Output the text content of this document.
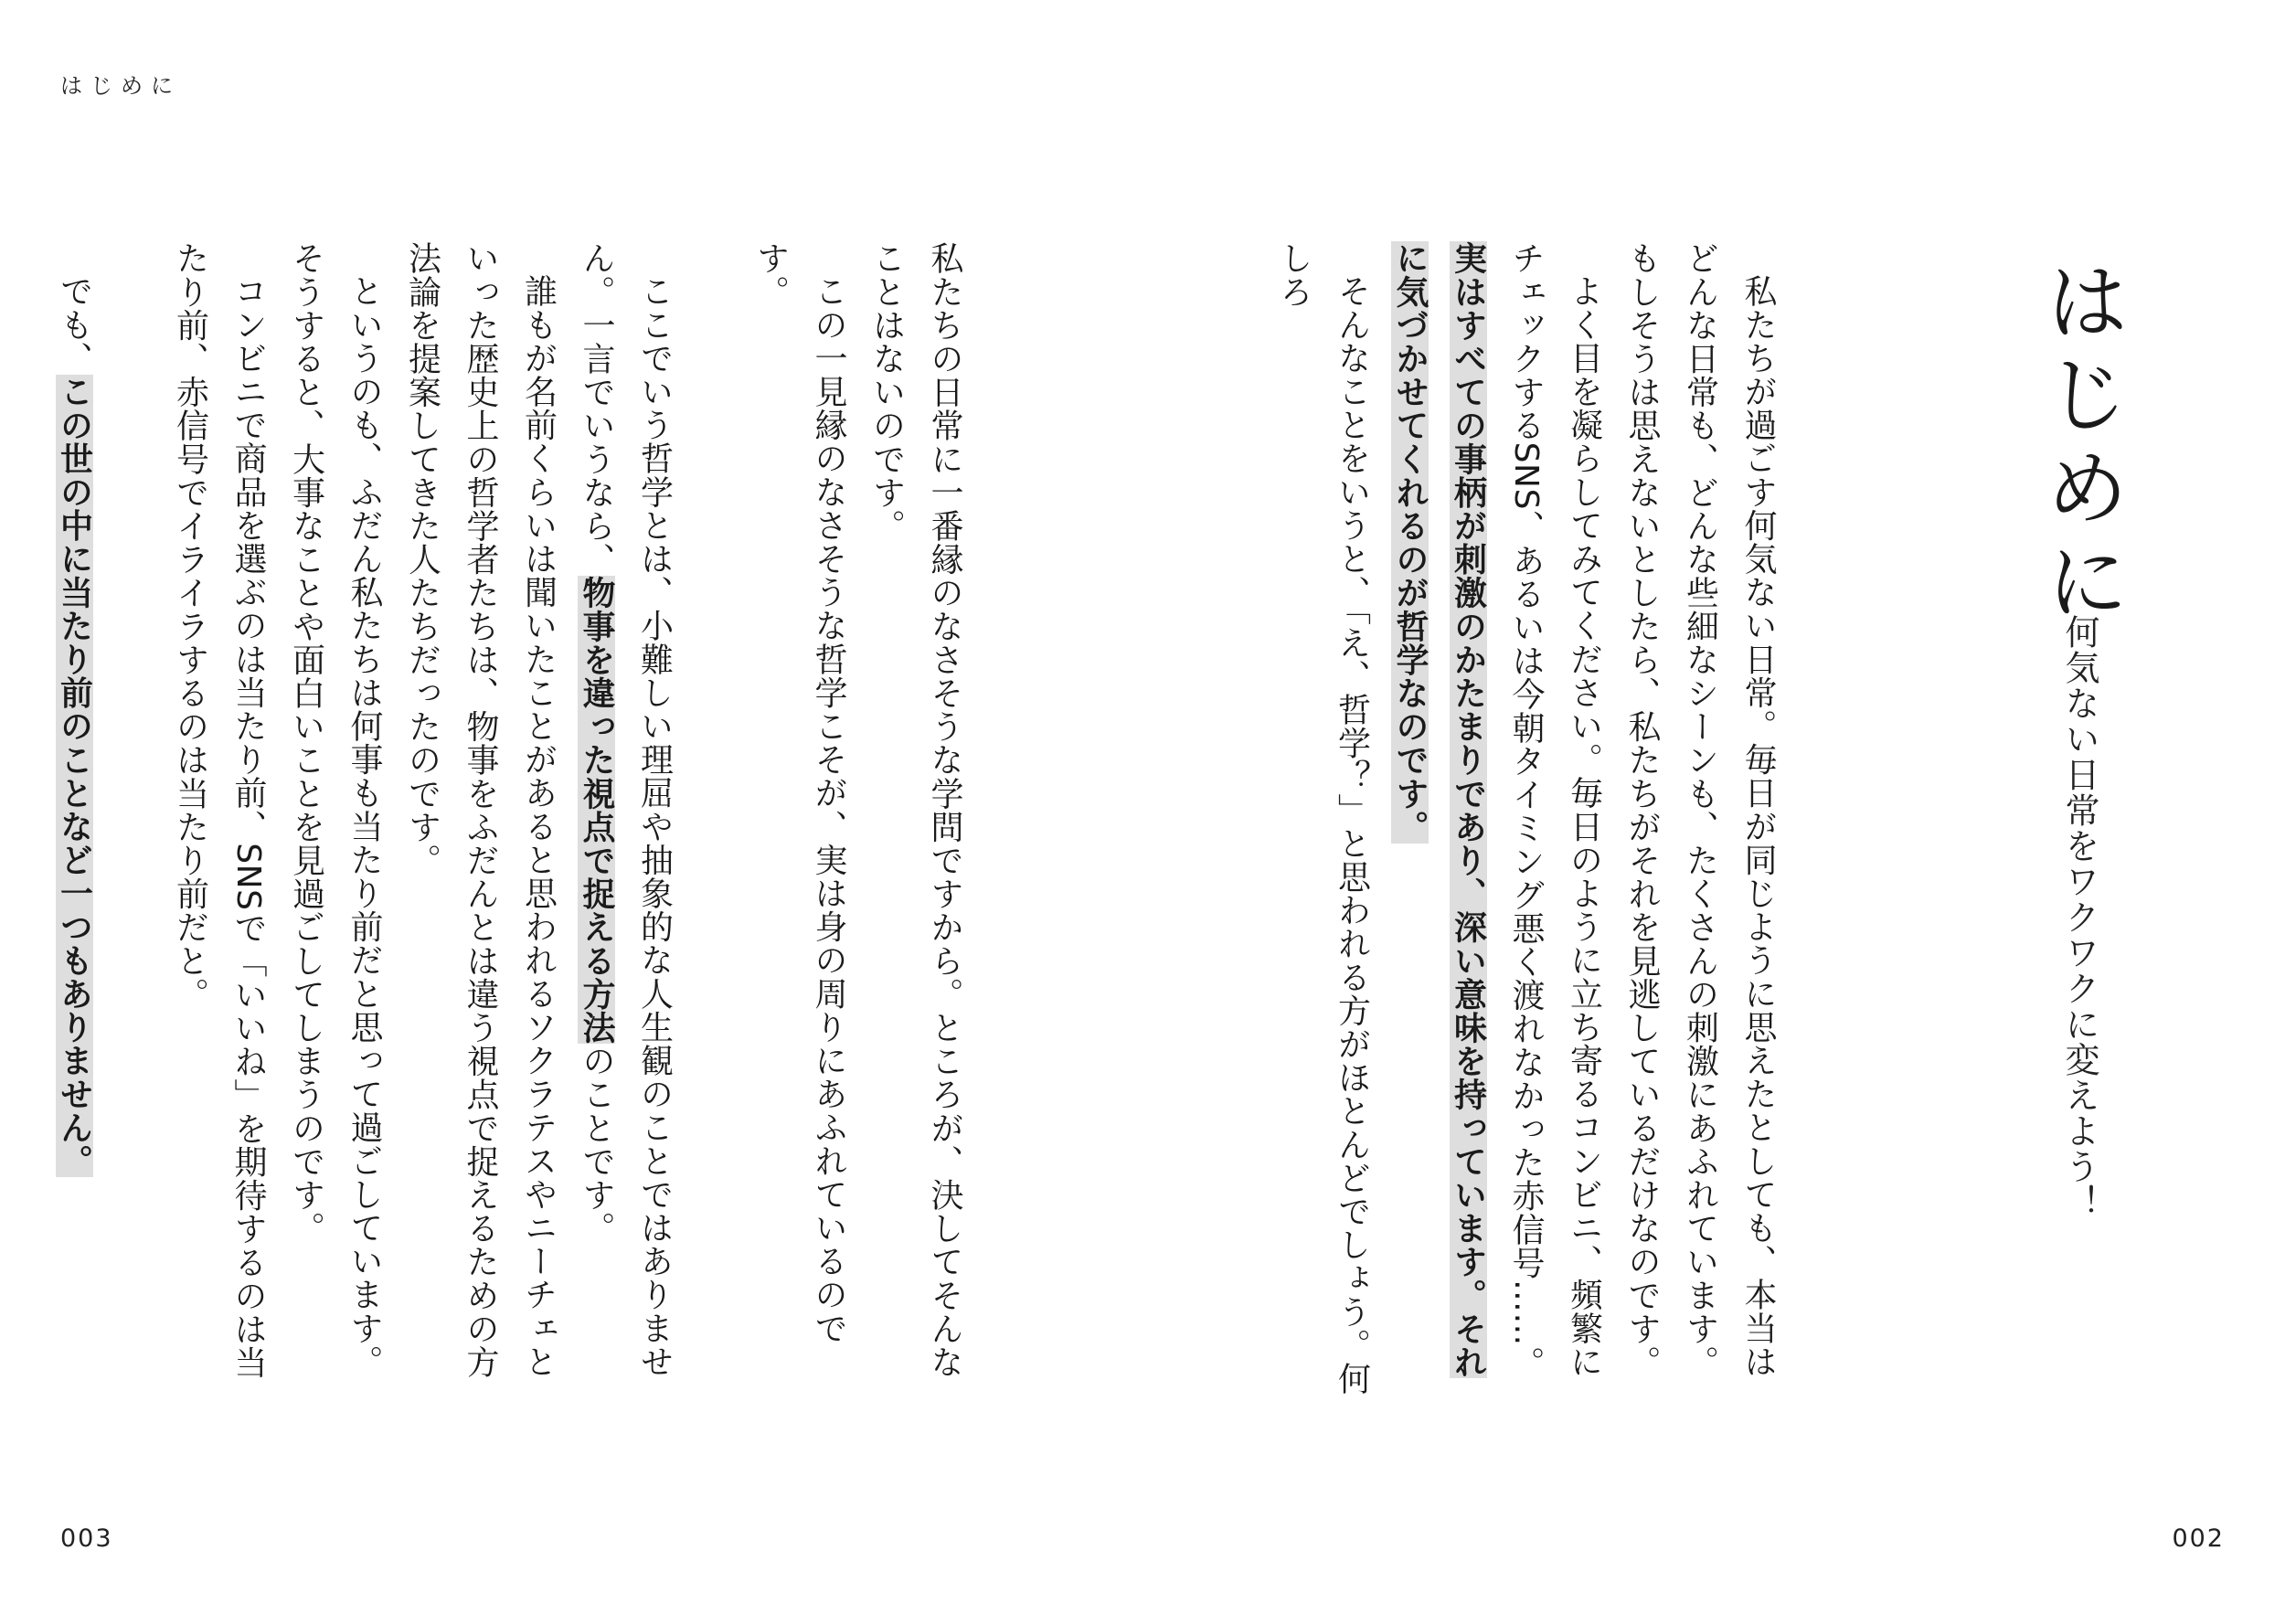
はじめに
はじめに
何気ない日常をワクワクに変えよう！

私たちが過ごす何気ない日常。毎日が同じように思えたとしても、本当はどんな日常も、どんな些細なシーンも、たくさんの刺激にあふれています。もしそうは思えないとしたら、私たちがそれを見逃しているだけなのです。

よく目を凝らしてみてください。毎日のように立ち寄るコンビニ、頻繁にチェックするSNS、あるいは今朝タイミング悪く渡れなかった赤信号……。

実はすべての事柄が刺激のかたまりであり、深い意味を持っています。それに気づかせてくれるのが哲学なのです。

そんなことをいうと、「え、哲学？」と思われる方がほとんどでしょう。何しろ

私たちの日常に一番縁のなさそうな学問ですから。ところが、決してそんなことはないのです。

この一見縁のなさそうな哲学こそが、実は身の周りにあふれているのです。

ここでいう哲学とは、小難しい理屈や抽象的な人生観のことではありません。一言でいうなら、物事を違った視点で捉える方法のことです。

誰もが名前くらいは聞いたことがあると思われるソクラテスやニーチェといった歴史上の哲学者たちは、物事をふだんとは違う視点で捉えるための方法論を提案してきた人たちだったのです。

というのも、ふだん私たちは何事も当たり前だと思って過ごしています。そうすると、大事なことや面白いことを見過ごしてしまうのです。

コンビニで商品を選ぶのは当たり前、SNSで「いいね」を期待するのは当たり前、赤信号でイライラするのは当たり前だと。

でも、この世の中に当たり前のことなど一つもありません。

003	002
